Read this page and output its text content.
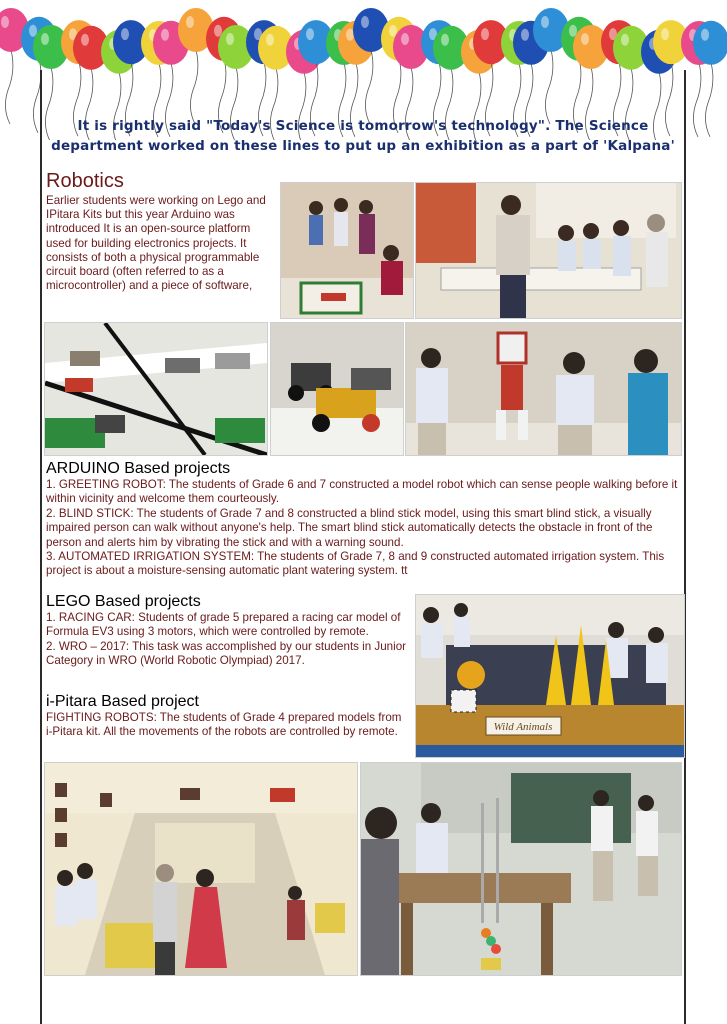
It is rightly said "Today's Science is tomorrow's technology". The Science
department worked on these lines to put up an exhibition as a part of 'Kalpana'
Robotics
Earlier students were working on Lego and IPitara Kits but this year Arduino was introduced It is an open-source platform used for building electronics projects. It consists of both a physical programmable circuit board (often referred to as a microcontroller) and a piece of software,
ARDUINO Based projects

1. GREETING ROBOT: The students of Grade 6 and 7 constructed a model robot which can sense people walking before it within vicinity and welcome them courteously.

2. BLIND STICK: The students of Grade 7 and 8 constructed a blind stick model, using this smart blind stick, a visually impaired person can walk without anyone's help. The smart blind stick automatically detects the obstacle in front of the person and alerts him by vibrating the stick and with a warning sound.

3. AUTOMATED IRRIGATION SYSTEM: The students of Grade 7, 8 and 9 constructed automated irrigation system. This project is about a moisture-sensing automatic plant watering system. tt

LEGO Based projects

1. RACING CAR: Students of grade 5 prepared a racing car model of Formula EV3 using 3 motors, which were controlled by remote.

2. WRO – 2017: This task was accomplished by our students in Junior Category in WRO (World Robotic Olympiad) 2017.

i-Pitara Based project
FIGHTING ROBOTS: The students of Grade 4 prepared models from i-Pitara kit. All the movements of the robots are controlled by remote.	Wild Animals
